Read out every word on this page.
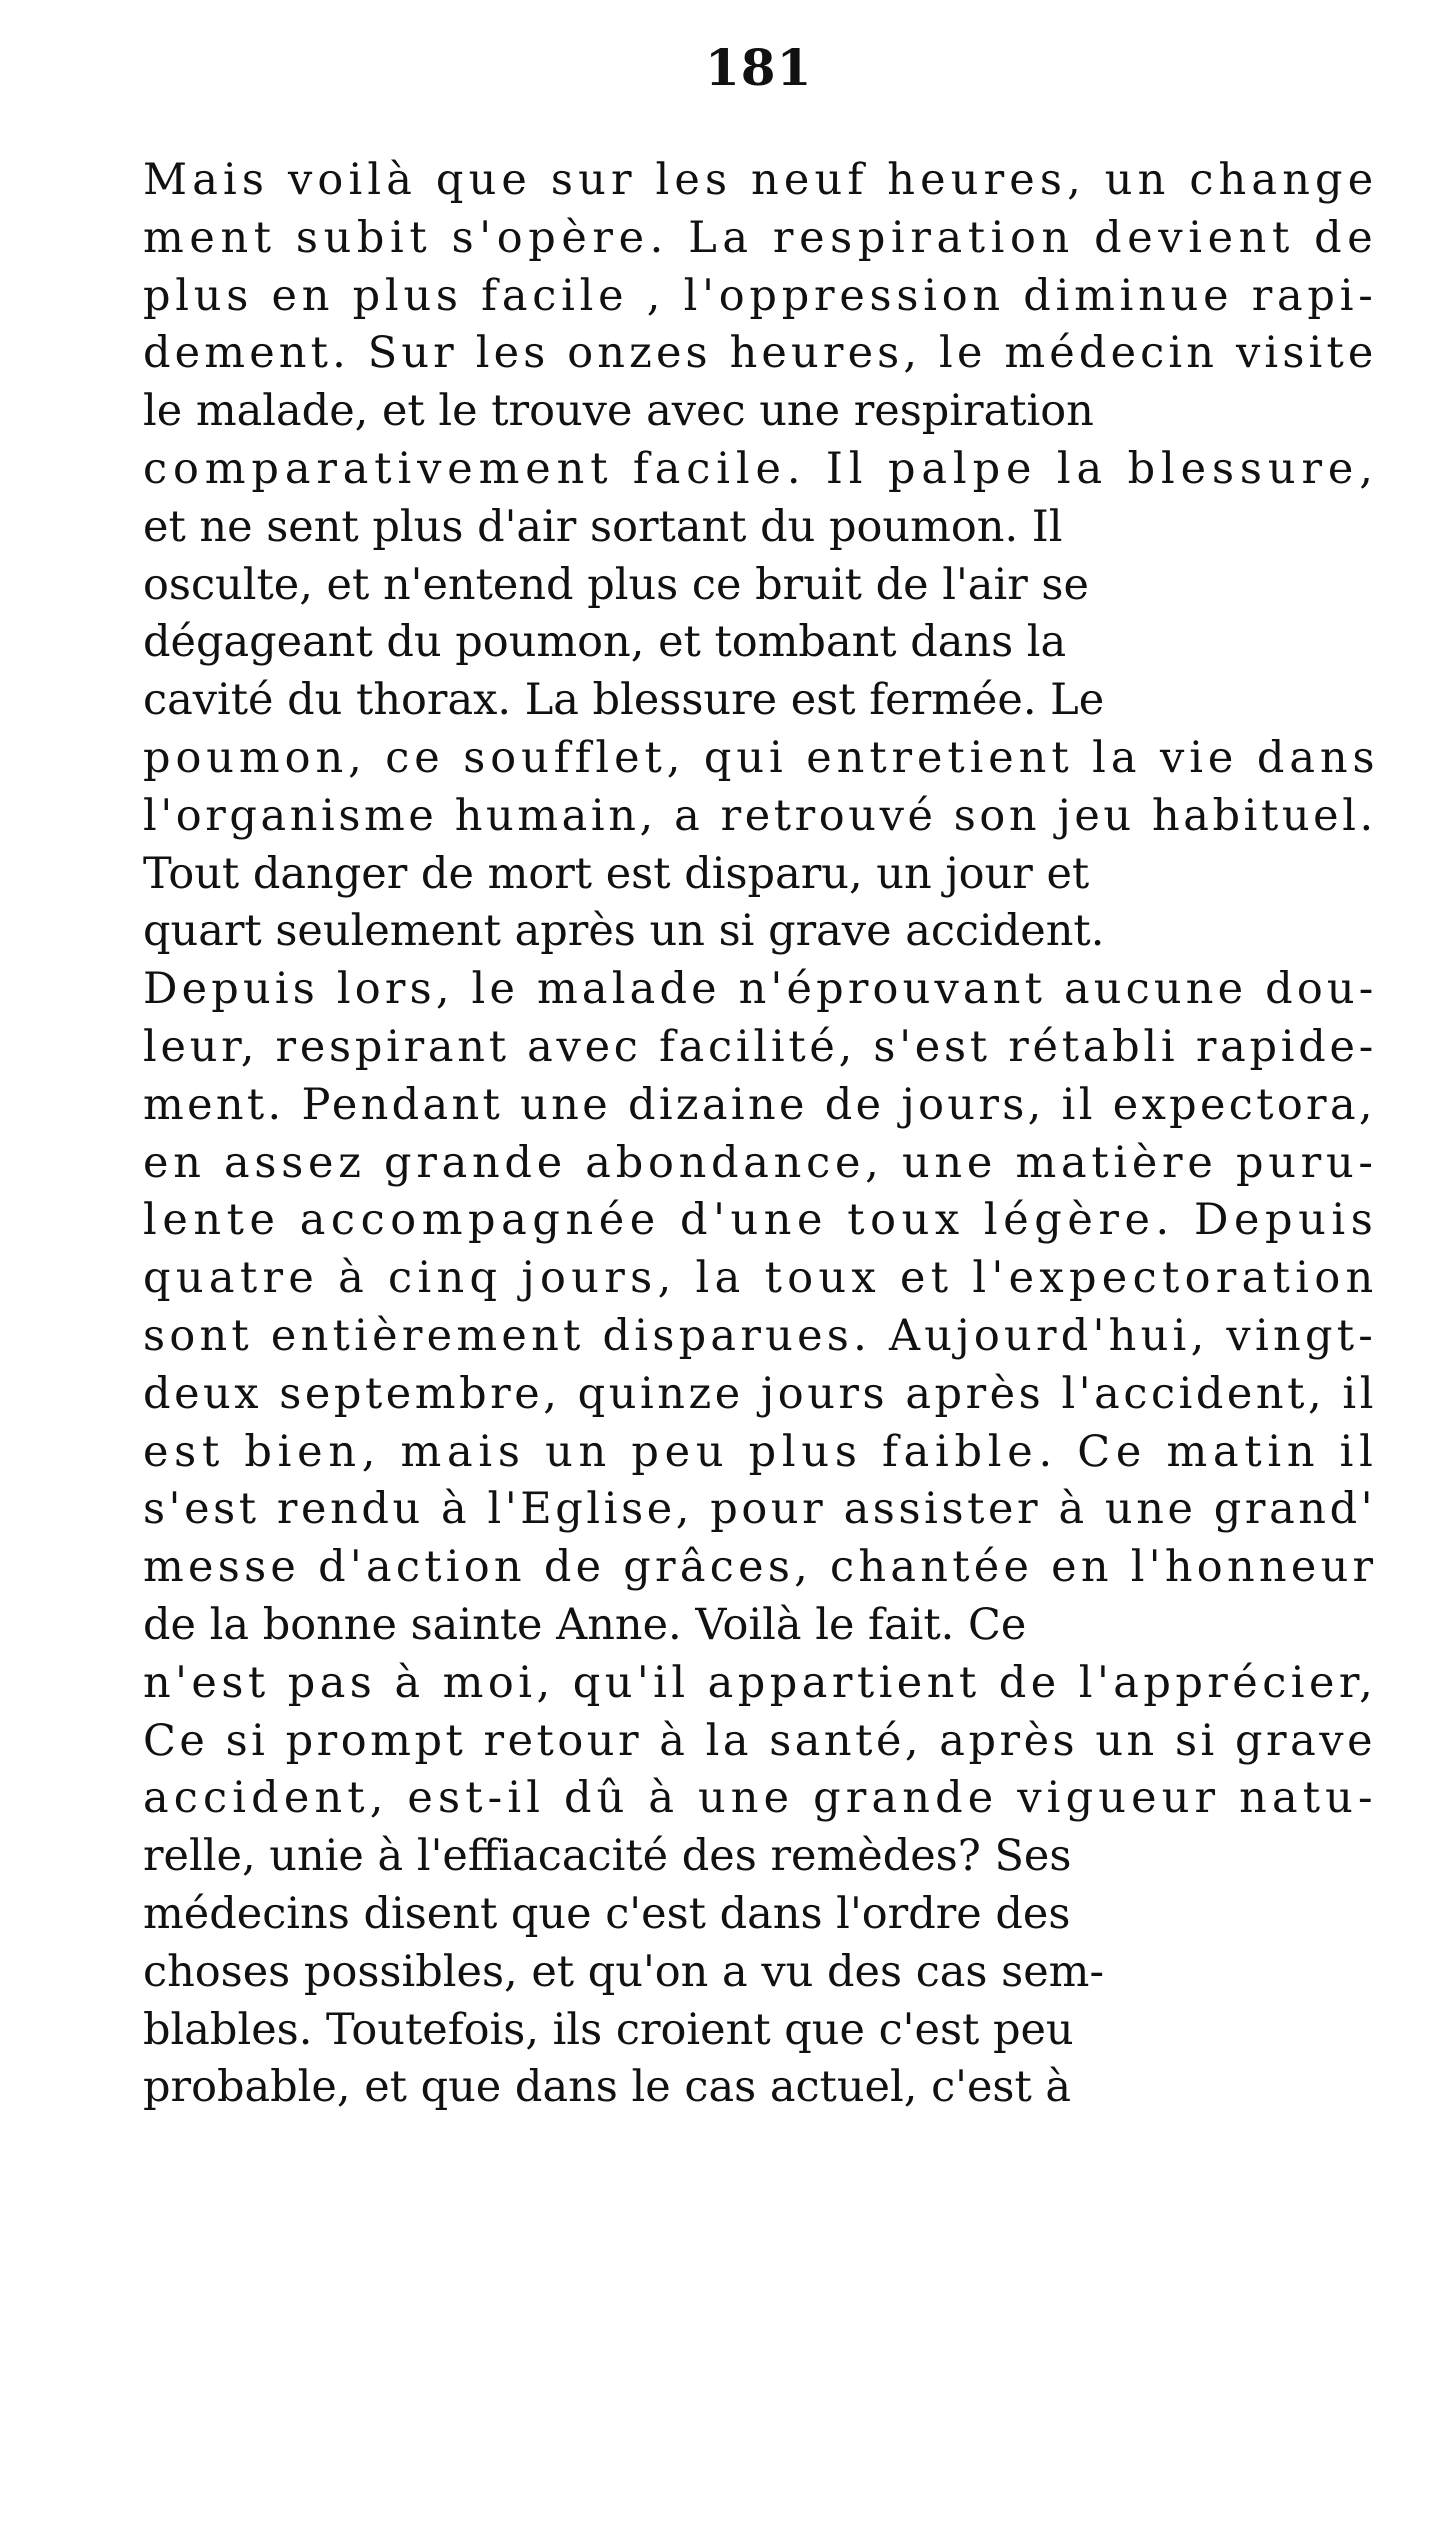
181
Mais voilà que sur les neuf heures, un change
ment subit s'opère. La respiration devient de
plus en plus facile , l'oppression diminue rapi-
dement. Sur les onzes heures, le médecin visite
le malade, et le trouve avec une respiration
comparativement facile. Il palpe la blessure,
et ne sent plus d'air sortant du poumon. Il
osculte, et n'entend plus ce bruit de l'air se
dégageant du poumon, et tombant dans la
cavité du thorax. La blessure est fermée. Le
poumon, ce soufflet, qui entretient la vie dans
l'organisme humain, a retrouvé son jeu habituel.
Tout danger de mort est disparu, un jour et
quart seulement après un si grave accident.
Depuis lors, le malade n'éprouvant aucune dou-
leur, respirant avec facilité, s'est rétabli rapide-
ment. Pendant une dizaine de jours, il expectora,
en assez grande abondance, une matière puru-
lente accompagnée d'une toux légère. Depuis
quatre à cinq jours, la toux et l'expectoration
sont entièrement disparues. Aujourd'hui, vingt-
deux septembre, quinze jours après l'accident, il
est bien, mais un peu plus faible. Ce matin il
s'est rendu à l'Eglise, pour assister à une grand'
messe d'action de grâces, chantée en l'honneur
de la bonne sainte Anne. Voilà le fait. Ce
n'est pas à moi, qu'il appartient de l'apprécier,
Ce si prompt retour à la santé, après un si grave
accident, est-il dû à une grande vigueur natu-
relle, unie à l'effiacacité des remèdes? Ses
médecins disent que c'est dans l'ordre des
choses possibles, et qu'on a vu des cas sem-
blables. Toutefois, ils croient que c'est peu
probable, et que dans le cas actuel, c'est à
